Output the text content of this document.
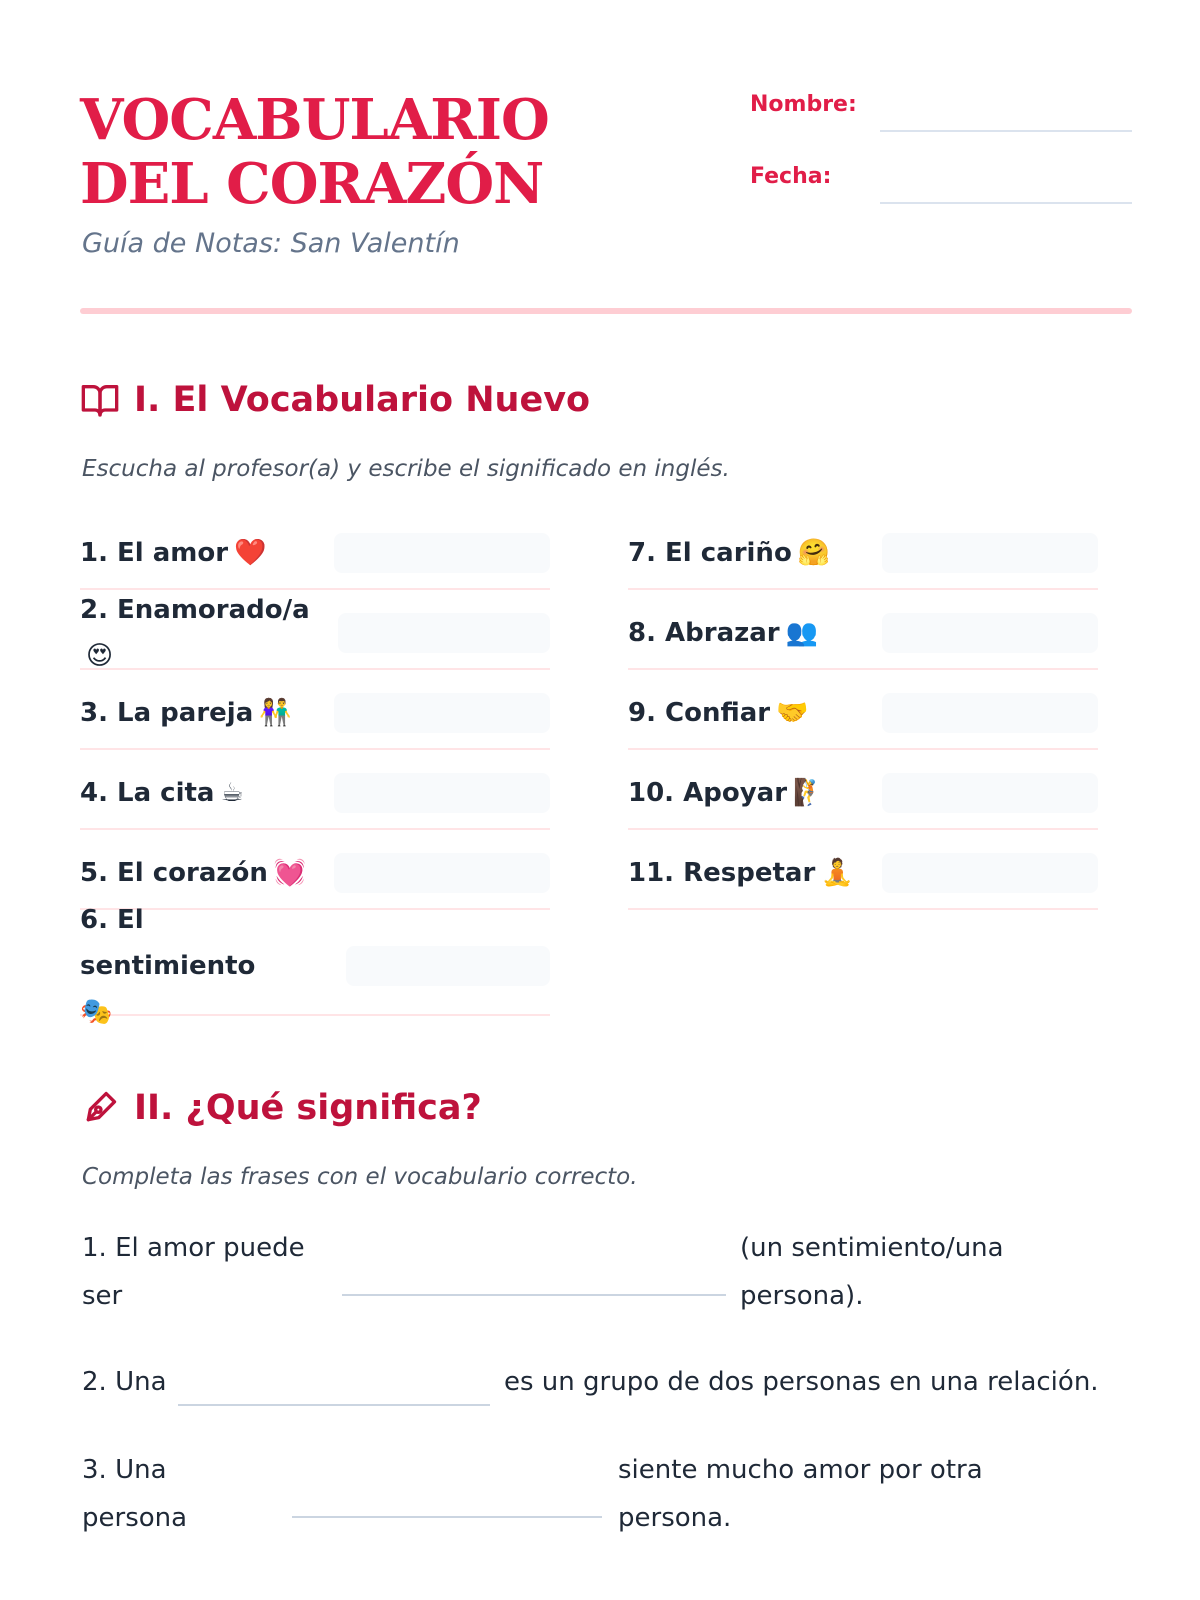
VOCABULARIO DEL CORAZÓN
Guía de Notas: San Valentín
Nombre:
Fecha:
I. El Vocabulario Nuevo
Escucha al profesor(a) y escribe el significado en inglés.
1. El amor ❤️
2. Enamorado/a😍
3. La pareja 👫
4. La cita ☕
5. El corazón 💓
6. El sentimiento
🎭
7. El cariño 🤗
8. Abrazar 👥
9. Confiar 🤝
10. Apoyar 🧗
11. Respetar 🧘
II. ¿Qué significa?
Completa las frases con el vocabulario correcto.
1. El amor puede
ser
(un sentimiento/una
persona).
2. Una	es un grupo de dos personas en una relación.
3. Una
persona
siente mucho amor por otra
persona.
